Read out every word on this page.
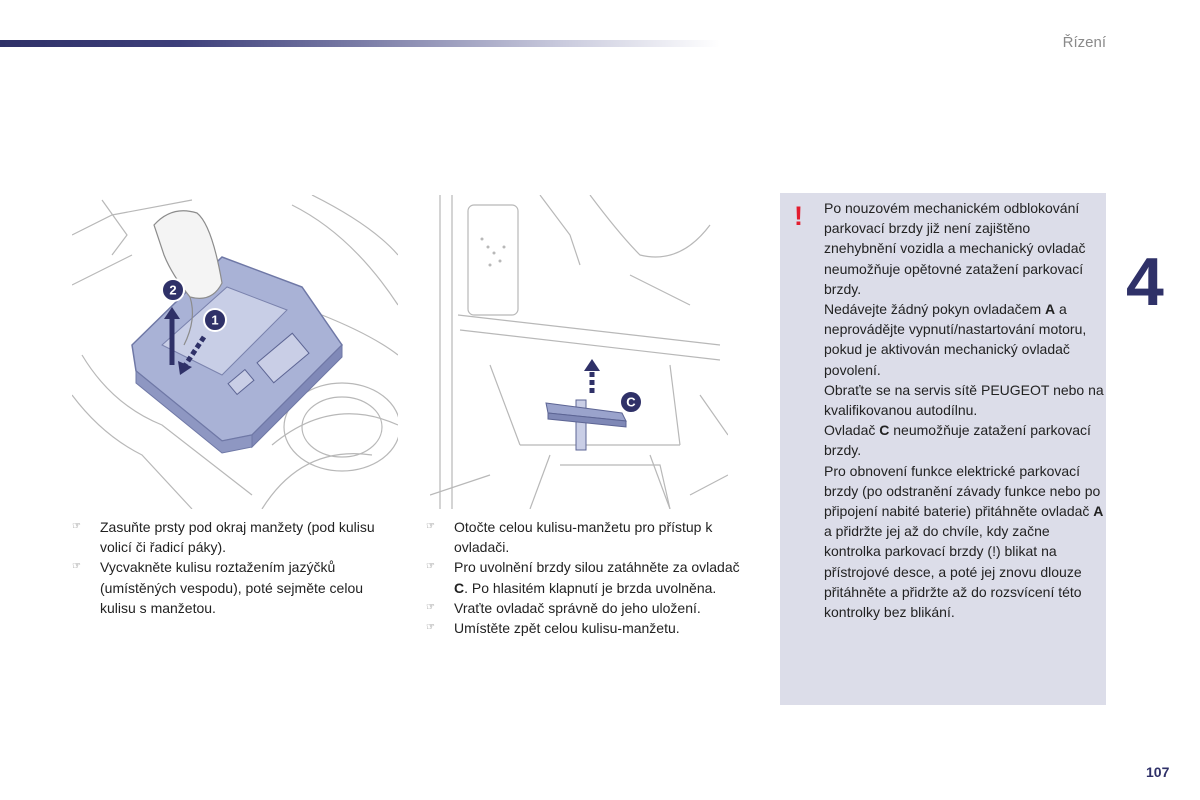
Řízení
4
2
1
C
☞ Zasuňte prsty pod okraj manžety (pod kulisu volicí či řadicí páky).
☞ Vycvakněte kulisu roztažením jazýčků (umístěných vespodu), poté sejměte celou kulisu s manžetou.
☞ Otočte celou kulisu-manžetu pro přístup k ovladači.
☞ Pro uvolnění brzdy silou zatáhněte za ovladač C. Po hlasitém klapnutí je brzda uvolněna.
☞ Vraťte ovladač správně do jeho uložení.
☞ Umístěte zpět celou kulisu-manžetu.
! Po nouzovém mechanickém odblokování parkovací brzdy již není zajištěno znehybnění vozidla a mechanický ovladač neumožňuje opětovné zatažení parkovací brzdy.

Nedávejte žádný pokyn ovladačem A a neprovádějte vypnutí/nastartování motoru, pokud je aktivován mechanický ovladač povolení.

Obraťte se na servis sítě PEUGEOT nebo na kvalifikovanou autodílnu.

Ovladač C neumožňuje zatažení parkovací brzdy.

Pro obnovení funkce elektrické parkovací brzdy (po odstranění závady funkce nebo po připojení nabité baterie) přitáhněte ovladač A a přidržte jej až do chvíle, kdy začne kontrolka parkovací brzdy (!) blikat na přístrojové desce, a poté jej znovu dlouze přitáhněte a přidržte až do rozsvícení této kontrolky bez blikání.

107
